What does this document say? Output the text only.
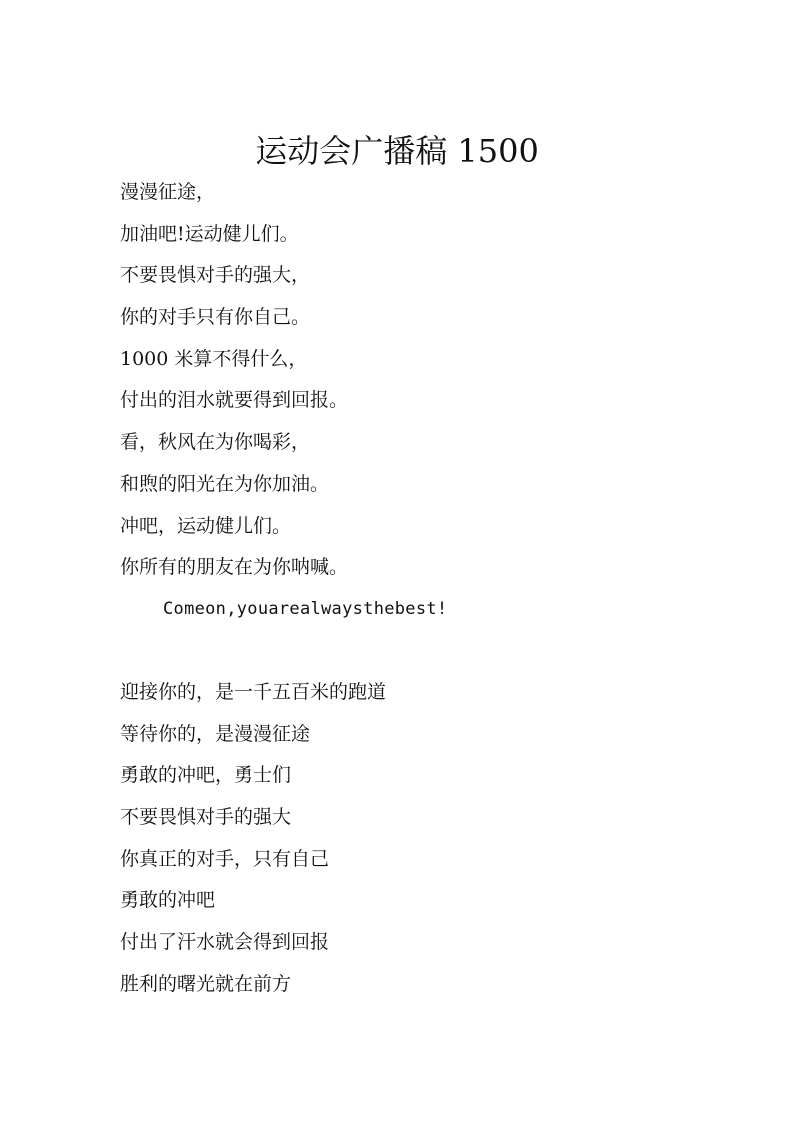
运动会广播稿 1500
漫漫征途，
加油吧!运动健儿们。
不要畏惧对手的强大，
你的对手只有你自己。
1000 米算不得什么，
付出的泪水就要得到回报。
看，秋风在为你喝彩，
和煦的阳光在为你加油。
冲吧，运动健儿们。
你所有的朋友在为你呐喊。
Comeon,youarealwaysthebest!
迎接你的，是一千五百米的跑道
等待你的，是漫漫征途
勇敢的冲吧，勇士们
不要畏惧对手的强大
你真正的对手，只有自己
勇敢的冲吧
付出了汗水就会得到回报
胜利的曙光就在前方
